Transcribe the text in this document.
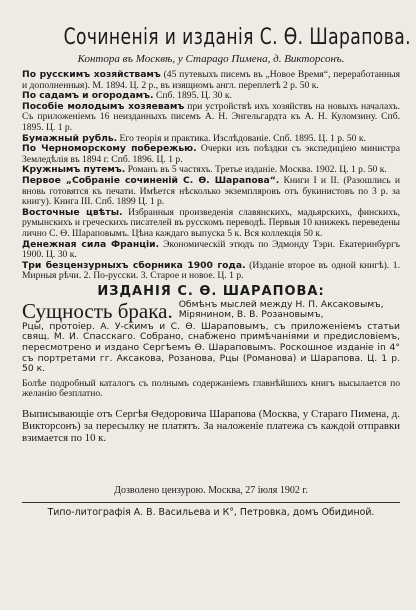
Сочиненія и изданія С. Ѳ. Шарапова.
Контора въ Москвѣ, у Старago Пимена, д. Викторсонъ.
По русскимъ хозяйствамъ (45 путевыхъ писемъ въ „Новое Время“, переработанныя и дополненныя). М. 1894. Ц. 2 р., въ изящномъ англ. переплетѣ 2 р. 50 к.
По садамъ и огородамъ. Спб. 1895. Ц. 30 к.
Пособіе молодымъ хозяевамъ при устройствѣ ихъ хозяйствъ на новыхъ началахъ. Съ приложеніемъ 16 неизданныхъ писемъ А. Н. Энгельгардта къ А. Н. Куломзину. Спб. 1895. Ц. 1 р.
Бумажный рубль. Его теорія и практика. Изслѣдованіе. Спб. 1895. Ц. 1 р. 50 к.
По Черноморскому побережью. Очерки изъ поѣздки съ экспедиціею министра Земледѣлія въ 1894 г. Спб. 1896. Ц. 1 р.
Кружнымъ путемъ. Романъ въ 5 частяхъ. Третье изданіе. Москва. 1902. Ц. 1 р. 50 к.
Первое „Собраніе сочиненій С. Ѳ. Шарапова“. Книги I и II. (Разошлись и вновь готовятся къ печати. Имѣется нѣсколько экземпляровъ отъ букинистовъ по 3 р. за книгу). Книга III. Спб. 1899 Ц. 1 р.
Восточные цвѣты. Избранныя произведенія славянскихъ, мадьярскихъ, финскихъ, румынскихъ и греческихъ писателей въ русскомъ переводѣ. Первыя 10 книжекъ переведены лично С. Ѳ. Шараповымъ. Цѣна каждаго выпуска 5 к. Вся коллекція 50 к.
Денежная сила Франціи. Экономическій этюдъ по Эдмонду Тэри. Екатеринбургъ 1900. Ц. 30 к.
Три безцензурныхъ сборника 1900 года. (Изданіе второе въ одной книгѣ). 1. Мирныя рѣчи. 2. По-русски. 3. Старое и новое. Ц. 1 р.
ИЗДАНІЯ С. Ѳ. ШАРАПОВА:
Сущность брака. Обмѣнъ мыслей между Н. П. Аксаковымъ, Мірянином, В. В. Розановымъ,
Рцы, протоіер. А. У-скимъ и С. Ѳ. Шараповымъ, съ приложеніемъ статьи свящ. М. И. Спасскаго. Собрано, снабжено примѣчаніями и предисловіемъ, пересмотрено и издано Сергѣемъ Ѳ. Шараповымъ. Роскошное изданіе in 4° съ портретами гг. Аксакова, Розанова, Рцы (Романова) и Шарапова. Ц. 1 р. 50 к.
Болѣе подробный каталогъ съ полнымъ содержаніемъ главнѣйшихъ книгъ высылается по желанію безплатно.
Выписывающіе отъ Сергѣя Ѳедоровича Шарапова (Москва, у Старaго Пимена, д. Викторсонъ) за пересылку не платятъ. За наложеніе платежа съ каждой отправки взимается по 10 к.
Дозволено цензурою. Москва, 27 іюля 1902 г.
Типо-литографія А. В. Васильева и К°, Петровка, домъ Обидиной.
